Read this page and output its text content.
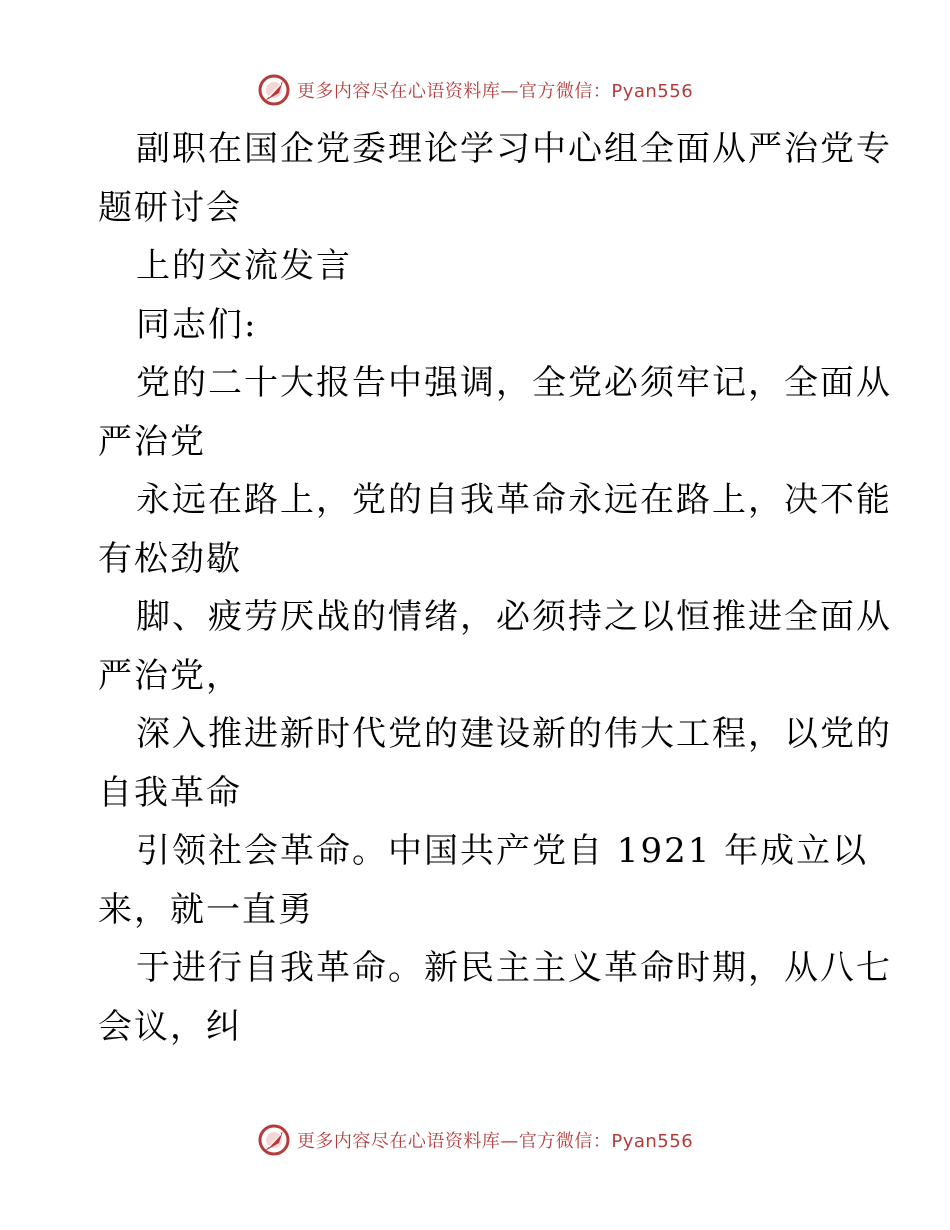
更多内容尽在心语资料库—官方微信：Pyan556
副职在国企党委理论学习中心组全面从严治党专
题研讨会
上的交流发言
同志们:
党的二十大报告中强调，全党必须牢记，全面从
严治党
永远在路上，党的自我革命永远在路上，决不能
有松劲歇
脚、疲劳厌战的情绪，必须持之以恒推进全面从
严治党，
深入推进新时代党的建设新的伟大工程，以党的
自我革命
引领社会革命。中国共产党自 1921 年成立以
来，就一直勇
于进行自我革命。新民主主义革命时期，从八七
会议，纠
更多内容尽在心语资料库—官方微信：Pyan556
